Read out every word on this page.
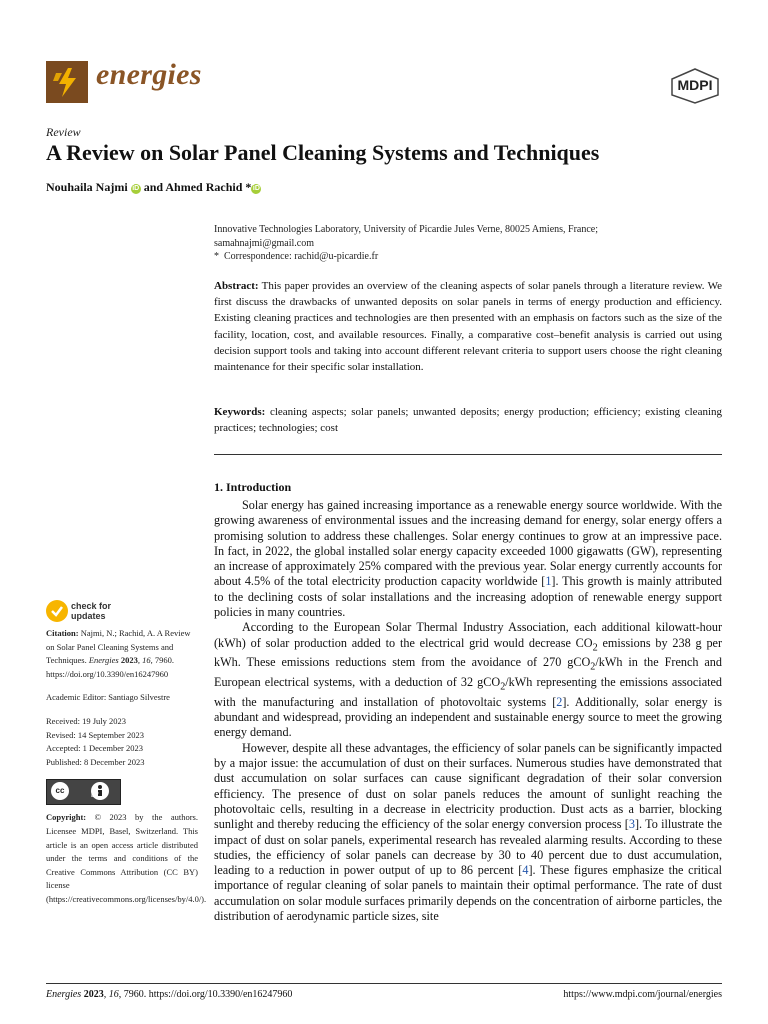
energies	MDPI
Review
A Review on Solar Panel Cleaning Systems and Techniques
Nouhaila Najmi iD and Ahmed Rachid * iD
Innovative Technologies Laboratory, University of Picardie Jules Verne, 80025 Amiens, France;
samahnajmi@gmail.com
* Correspondence: rachid@u-picardie.fr
Abstract: This paper provides an overview of the cleaning aspects of solar panels through a literature review. We first discuss the drawbacks of unwanted deposits on solar panels in terms of energy production and efficiency. Existing cleaning practices and technologies are then presented with an emphasis on factors such as the size of the facility, location, cost, and available resources. Finally, a comparative cost–benefit analysis is carried out using decision support tools and taking into account different relevant criteria to support users choose the right cleaning maintenance for their specific solar installation.
Keywords: cleaning aspects; solar panels; unwanted deposits; energy production; efficiency; existing cleaning practices; technologies; cost
1. Introduction

Solar energy has gained increasing importance as a renewable energy source worldwide. With the growing awareness of environmental issues and the increasing demand for energy, solar energy offers a promising solution to address these challenges. Solar energy continues to grow at an impressive pace. In fact, in 2022, the global installed solar energy capacity exceeded 1000 gigawatts (GW), representing an increase of approximately 25% compared with the previous year. Solar energy currently accounts for about 4.5% of the total electricity production capacity worldwide [1]. This growth is mainly attributed to the declining costs of solar installations and the increasing adoption of renewable energy support policies in many countries.

According to the European Solar Thermal Industry Association, each additional kilowatt-hour (kWh) of solar production added to the electrical grid would decrease $CO_2$ emissions by 238 g per kWh. These emissions reductions stem from the avoidance of 270 gCO$_2$/kWh in the French and European electrical systems, with a deduction of 32 gCO$_2$/kWh representing the emissions associated with the manufacturing and installation of photovoltaic systems [2]. Additionally, solar energy is abundant and widespread, providing an independent and sustainable energy source to meet the growing energy demand.

However, despite all these advantages, the efficiency of solar panels can be significantly impacted by a major issue: the accumulation of dust on their surfaces. Numerous studies have demonstrated that dust accumulation on solar surfaces can cause significant degradation of their solar conversion efficiency. The presence of dust on solar panels reduces the amount of sunlight reaching the photovoltaic cells, resulting in a decrease in electricity production. Dust acts as a barrier, blocking sunlight and thereby reducing the efficiency of the solar energy conversion process [3]. To illustrate the impact of dust on solar panels, experimental research has revealed alarming results. According to these studies, the efficiency of solar panels can decrease by 30 to 40 percent due to dust accumulation, leading to a reduction in power output of up to 86 percent [4]. These figures emphasize the critical importance of regular cleaning of solar panels to maintain their optimal performance. The rate of dust accumulation on solar module surfaces primarily depends on the concentration of airborne particles, the distribution of aerodynamic particle sizes, site

check for
updates
Citation: Najmi, N.; Rachid, A. A Review on Solar Panel Cleaning Systems and Techniques. Energies 2023, 16, 7960. https://doi.org/10.3390/en16247960
Academic Editor: Santiago Silvestre
Received: 19 July 2023
Revised: 14 September 2023
Accepted: 1 December 2023
Published: 8 December 2023
cc
BY
Copyright: © 2023 by the authors. Licensee MDPI, Basel, Switzerland. This article is an open access article distributed under the terms and conditions of the Creative Commons Attribution (CC BY) license (https://creativecommons.org/licenses/by/4.0/).
Energies 2023, 16, 7960. https://doi.org/10.3390/en16247960	https://www.mdpi.com/journal/energies
